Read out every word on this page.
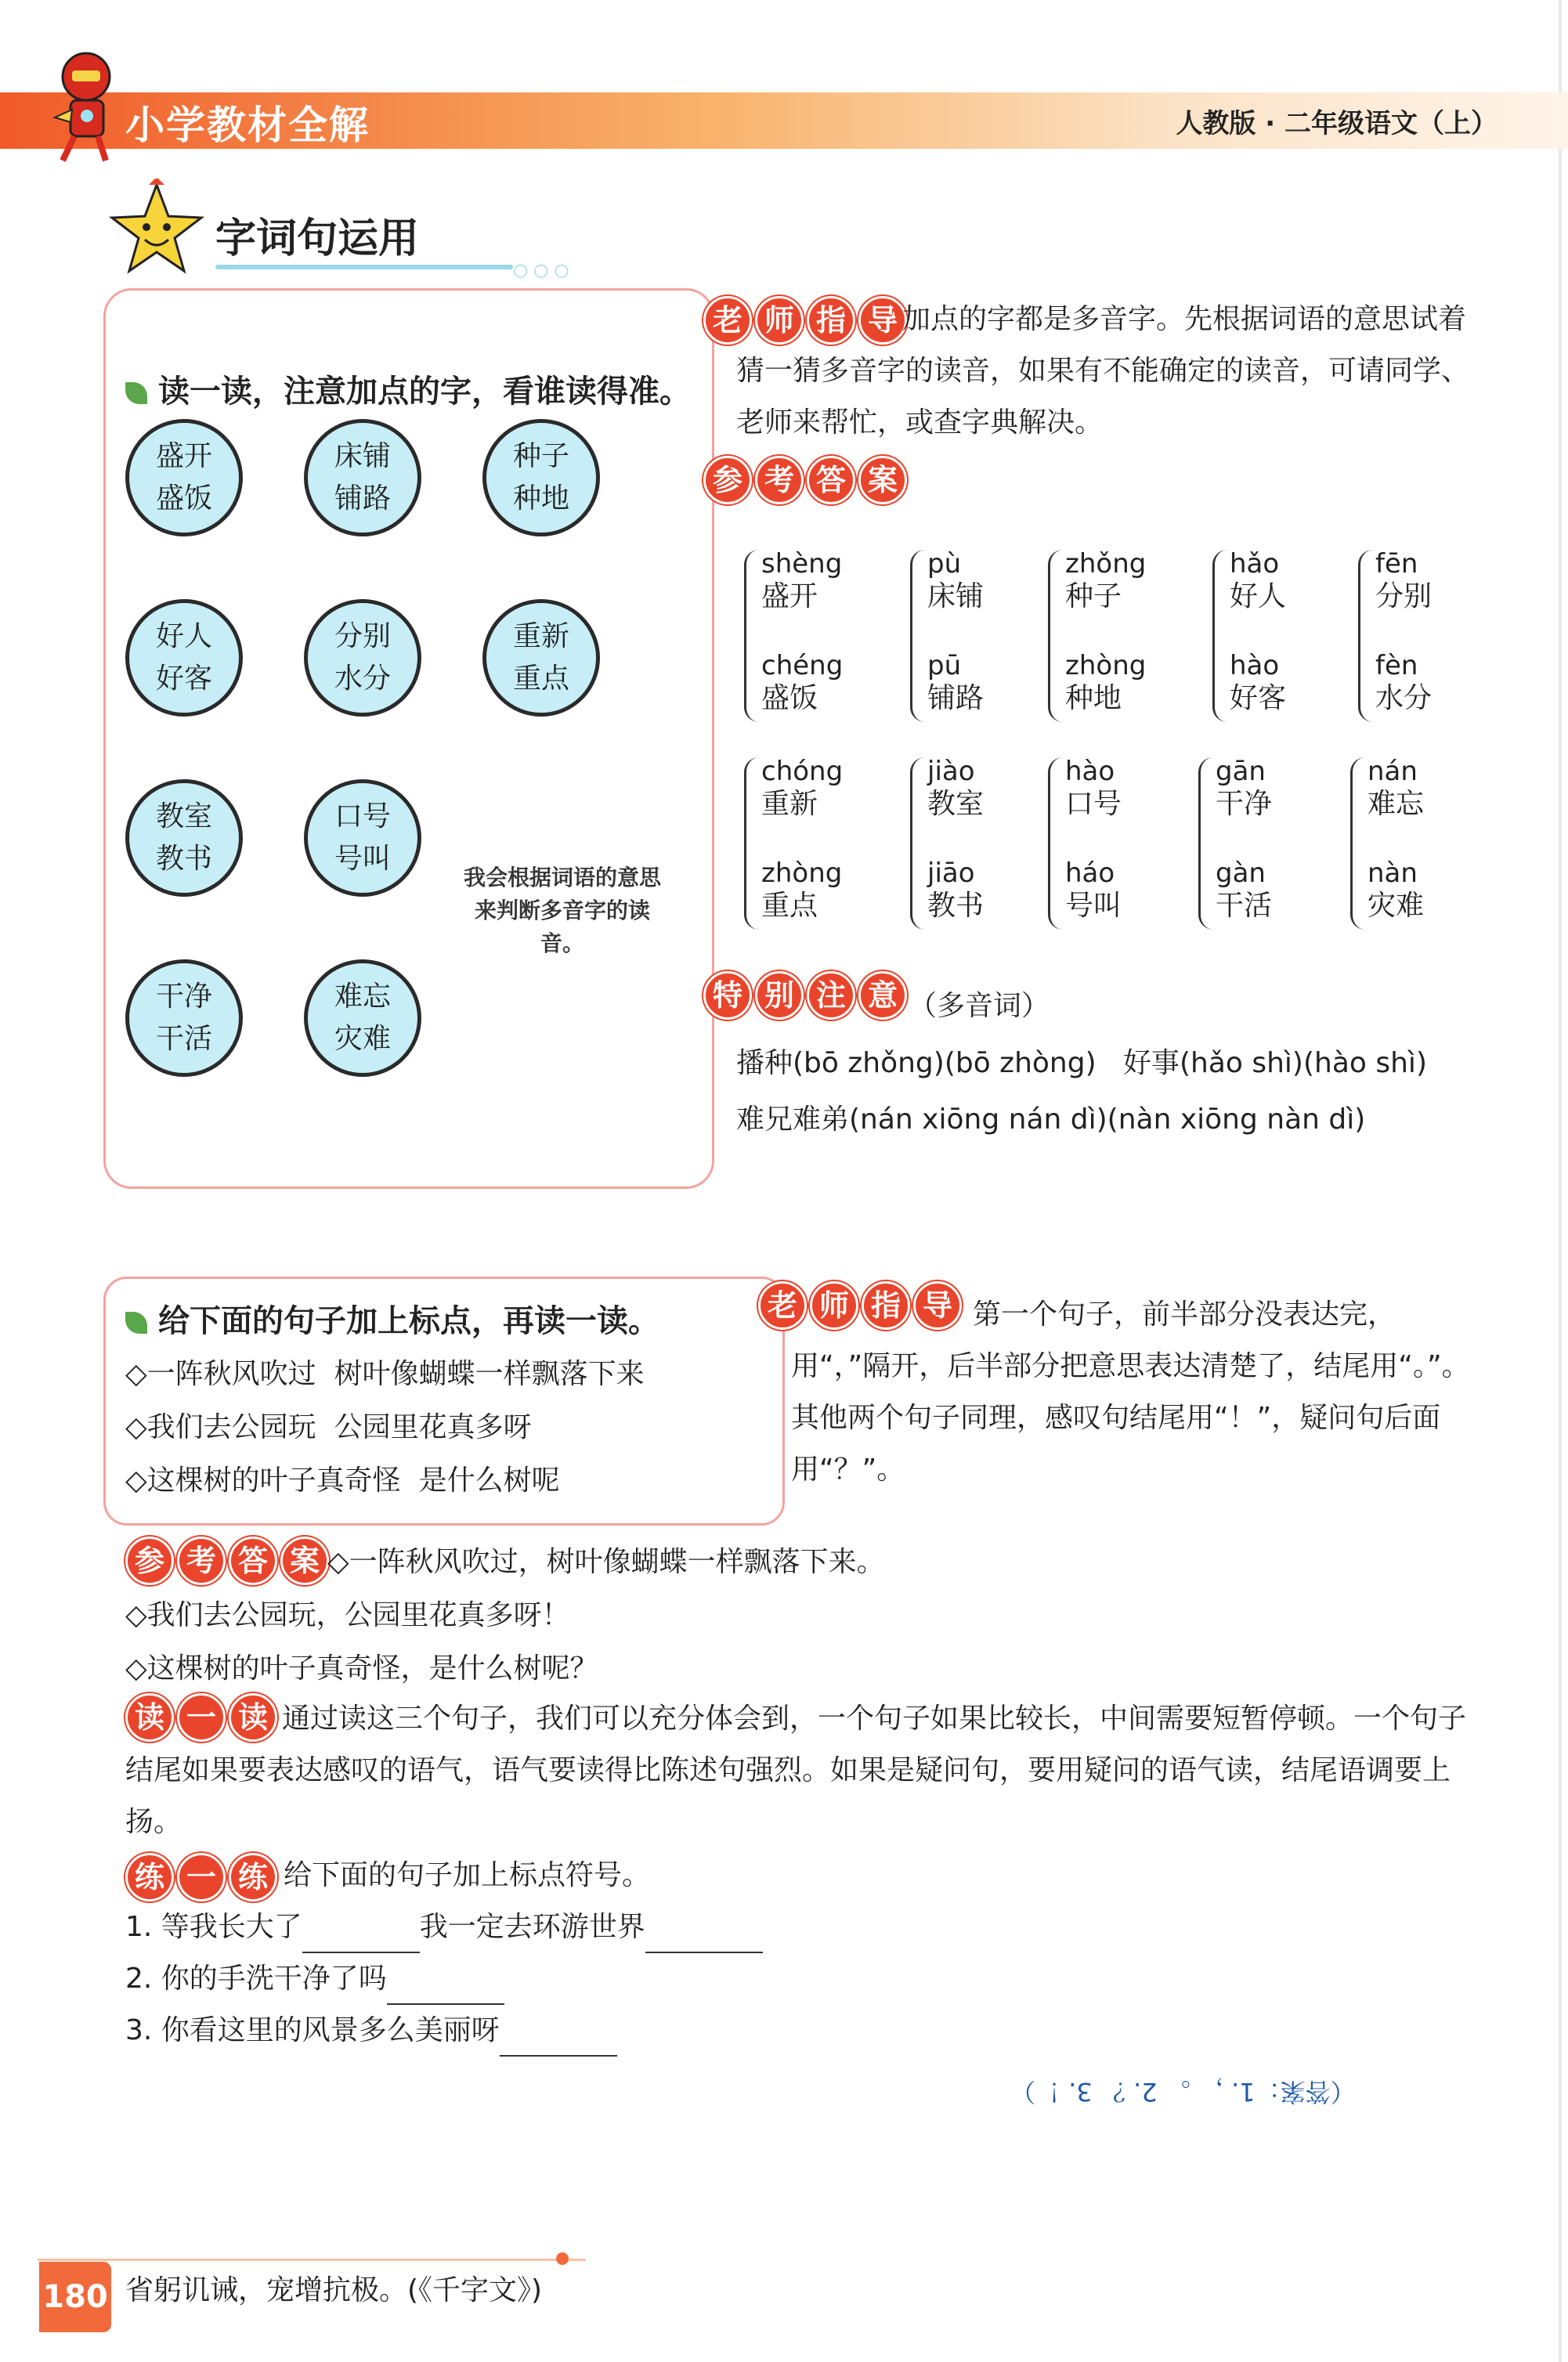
小学教材全解	人教版 · 二年级语文（上）
字词句运用
○ ○ ○
读一读，注意加点的字，看谁读得准。
盛开
盛饭
床铺
铺路
种子
种地
好人
好客
分别
水分
重新
重点
教室
教书
口号
号叫
干净
干活
难忘
灾难
我会根据词语的意思来判断多音字的读音。
老 师 指 导 加点的字都是多音字。先根据词语的意思试着猜一猜多音字的读音，如果有不能确定的读音，可请同学、老师来帮忙，或查字典解决。
参 考 答 案
shèng
盛开
chéng
盛饭
pù
床铺
pū
铺路
zhǒng
种子
zhòng
种地
hǎo
好人
hào
好客
fēn
分别
fèn
水分
chóng
重新
zhòng
重点
jiào
教室
jiāo
教书
hào
口号
háo
号叫
gān
干净
gàn
干活
nán
难忘
nàn
灾难
特 别 注 意 （多音词）
播种(bō zhǒng)(bō zhòng)   好事(hǎo shì)(hào shì)
难兄难弟(nán xiōng nán dì)(nàn xiōng nàn dì)
给下面的句子加上标点，再读一读。
◇一阵秋风吹过  树叶像蝴蝶一样飘落下来
◇我们去公园玩  公园里花真多呀
◇这棵树的叶子真奇怪  是什么树呢
老 师 指 导 第一个句子，前半部分没表达完，用“，”隔开，后半部分把意思表达清楚了，结尾用“。”。其他两个句子同理，感叹句结尾用“！”，疑问句后面用“？”。
参 考 答 案 ◇一阵秋风吹过，树叶像蝴蝶一样飘落下来。
◇我们去公园玩，公园里花真多呀！
◇这棵树的叶子真奇怪，是什么树呢？
读 一 读 通过读这三个句子，我们可以充分体会到，一个句子如果比较长，中间需要短暂停顿。一个句子结尾如果要表达感叹的语气，语气要读得比陈述句强烈。如果是疑问句，要用疑问的语气读，结尾语调要上扬。
练 一 练 给下面的句子加上标点符号。
1. 等我长大了	我一定去环游世界
2. 你的手洗干净了吗
3. 你看这里的风景多么美丽呀
（答案：1. ， 。 2. ？ 3. ！）
180 省躬讥诫，宠增抗极。(《千字文》)
